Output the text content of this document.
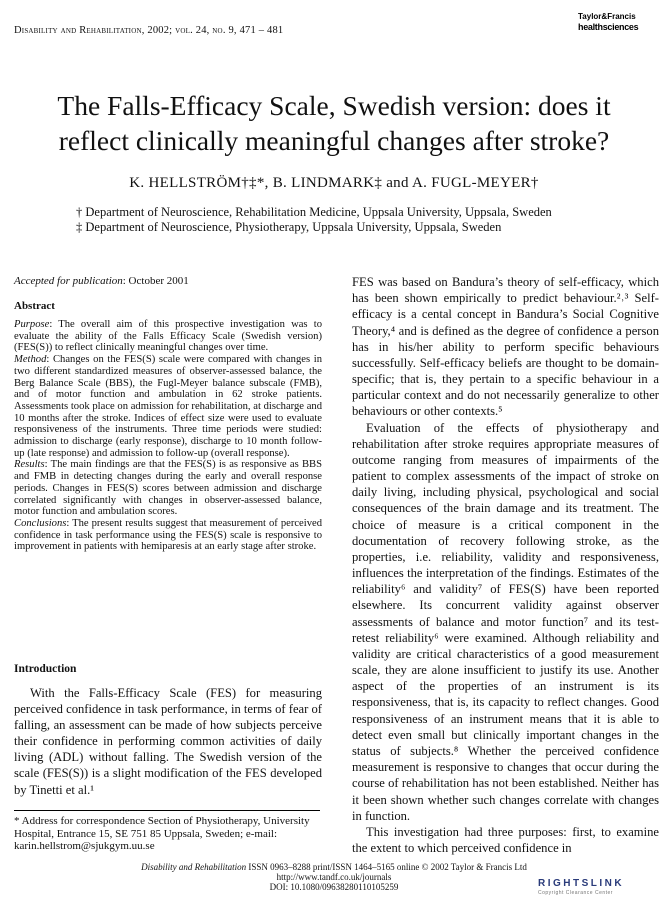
Disability and Rehabilitation, 2002; vol. 24, no. 9, 471 – 481
Taylor&Francis
healthsciences
The Falls-Efficacy Scale, Swedish version: does it
reflect clinically meaningful changes after stroke?
K. HELLSTRÖM†‡*, B. LINDMARK‡ and A. FUGL-MEYER†
† Department of Neuroscience, Rehabilitation Medicine, Uppsala University, Uppsala, Sweden
‡ Department of Neuroscience, Physiotherapy, Uppsala University, Uppsala, Sweden
Accepted for publication: October 2001
Abstract

Purpose: The overall aim of this prospective investigation was to evaluate the ability of the Falls Efficacy Scale (Swedish version) (FES(S)) to reflect clinically meaningful changes over time.

Method: Changes on the FES(S) scale were compared with changes in two different standardized measures of observer-assessed balance, the Berg Balance Scale (BBS), the Fugl-Meyer balance subscale (FMB), and of motor function and ambulation in 62 stroke patients. Assessments took place on admission for rehabilitation, at discharge and 10 months after the stroke. Indices of effect size were used to evaluate responsiveness of the instruments. Three time periods were studied: admission to discharge (early response), discharge to 10 month follow-up (late response) and admission to follow-up (overall response).

Results: The main findings are that the FES(S) is as responsive as BBS and FMB in detecting changes during the early and overall response periods. Changes in FES(S) scores between admission and discharge correlated significantly with changes in observer-assessed balance, motor function and ambulation scores.

Conclusions: The present results suggest that measurement of perceived confidence in task performance using the FES(S) scale is responsive to improvement in patients with hemiparesis at an early stage after stroke.

Introduction

With the Falls-Efficacy Scale (FES) for measuring perceived confidence in task performance, in terms of fear of falling, an assessment can be made of how subjects perceive their confidence in performing common activities of daily living (ADL) without falling. The Swedish version of the scale (FES(S)) is a slight modification of the FES developed by Tinetti et al.¹

* Address for correspondence Section of Physiotherapy, University Hospital, Entrance 15, SE 751 85 Uppsala, Sweden; e-mail: karin.hellstrom@sjukgym.uu.se

FES was based on Bandura’s theory of self-efficacy, which has been shown empirically to predict behaviour.²˒³ Self-efficacy is a cental concept in Bandura’s Social Cognitive Theory,⁴ and is defined as the degree of confidence a person has in his/her ability to perform specific behaviours successfully. Self-efficacy beliefs are thought to be domain-specific; that is, they pertain to a specific behaviour in a particular context and do not necessarily generalize to other behaviours or other contexts.⁵

Evaluation of the effects of physiotherapy and rehabilitation after stroke requires appropriate measures of outcome ranging from measures of impairments of the patient to complex assessments of the impact of stroke on daily living, including physical, psychological and social consequences of the brain damage and its treatment. The choice of measure is a critical component in the documentation of recovery following stroke, as the properties, i.e. reliability, validity and responsiveness, influences the interpretation of the findings. Estimates of the reliability⁶ and validity⁷ of FES(S) have been reported elsewhere. Its concurrent validity against observer assessments of balance and motor function⁷ and its test-retest reliability⁶ were examined. Although reliability and validity are critical characteristics of a good measurement scale, they are alone insufficient to justify its use. Another aspect of the properties of an instrument is its responsiveness, that is, its capacity to reflect changes. Good responsiveness of an instrument means that it is able to detect even small but clinically important changes in the status of subjects.⁸ Whether the perceived confidence measurement is responsive to changes that occur during the course of rehabilitation has not been established. Neither has it been shown whether such changes correlate with changes in function.

This investigation had three purposes: first, to examine the extent to which perceived confidence in

Disability and Rehabilitation ISSN 0963–8288 print/ISSN 1464–5165 online © 2002 Taylor & Francis Ltd
http://www.tandf.co.uk/journals
DOI: 10.1080/09638280110105259	RIGHTSLINK
Copyright Clearance Center
